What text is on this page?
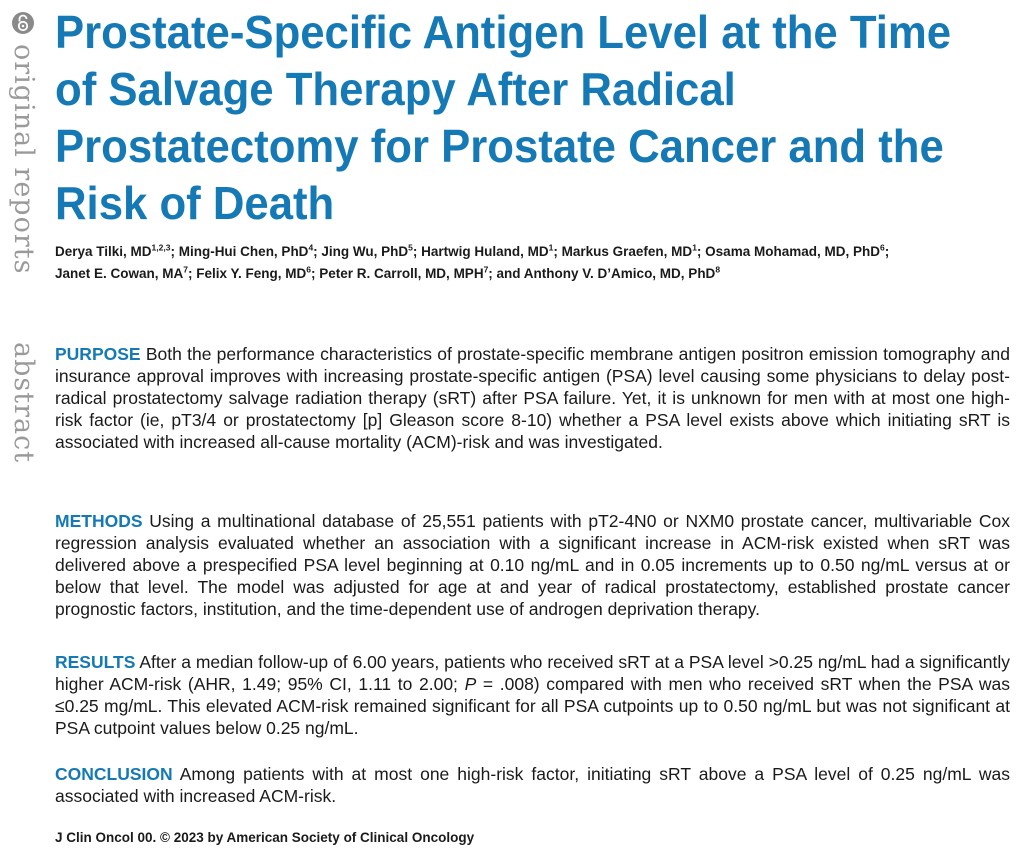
original reports
abstract
Prostate-Specific Antigen Level at the Time of Salvage Therapy After Radical Prostatectomy for Prostate Cancer and the Risk of Death
Derya Tilki, MD$^{1,2,3}$; Ming-Hui Chen, PhD$^4$; Jing Wu, PhD$^5$; Hartwig Huland, $MD^1$; Markus Graefen, $MD^1$; Osama Mohamad, MD, PhD$^6$;
Janet E. Cowan, $MA^7$; Felix Y. Feng, $MD^6$; Peter R. Carroll, MD, MPH$^7$; and Anthony V. D’Amico, MD, PhD$^8$

PURPOSE Both the performance characteristics of prostate-specific membrane antigen positron emission tomography and insurance approval improves with increasing prostate-specific antigen (PSA) level causing some physicians to delay post-radical prostatectomy salvage radiation therapy (sRT) after PSA failure. Yet, it is unknown for men with at most one high-risk factor (ie, pT3/4 or prostatectomy [p] Gleason score 8-10) whether a PSA level exists above which initiating sRT is associated with increased all-cause mortality (ACM)-risk and was investigated.

METHODS Using a multinational database of 25,551 patients with pT2-4N0 or NXM0 prostate cancer, multivariable Cox regression analysis evaluated whether an association with a significant increase in ACM-risk existed when sRT was delivered above a prespecified PSA level beginning at 0.10 ng/mL and in 0.05 increments up to 0.50 ng/mL versus at or below that level. The model was adjusted for age at and year of radical prostatectomy, established prostate cancer prognostic factors, institution, and the time-dependent use of androgen deprivation therapy.

RESULTS After a median follow-up of 6.00 years, patients who received sRT at a PSA level >0.25 ng/mL had a significantly higher ACM-risk (AHR, 1.49; 95% CI, 1.11 to 2.00; P = .008) compared with men who received sRT when the PSA was ≤0.25 mg/mL. This elevated ACM-risk remained significant for all PSA cutpoints up to 0.50 ng/mL but was not significant at PSA cutpoint values below 0.25 ng/mL.

CONCLUSION Among patients with at most one high-risk factor, initiating sRT above a PSA level of 0.25 ng/mL was associated with increased ACM-risk.

J Clin Oncol 00. © 2023 by American Society of Clinical Oncology
